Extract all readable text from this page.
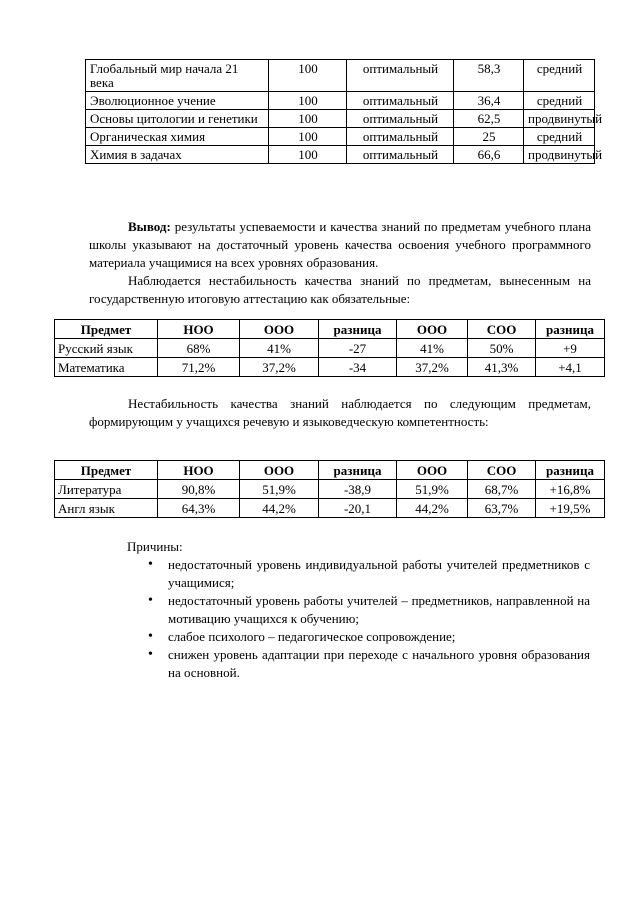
Глобальный мир начала 21 века	100	оптимальный	58,3	средний
Эволюционное учение	100	оптимальный	36,4	средний
Основы цитологии и генетики	100	оптимальный	62,5	продвинутый
Органическая химия	100	оптимальный	25	средний
Химия в задачах	100	оптимальный	66,6	продвинутый
Вывод: результаты успеваемости и качества знаний по предметам учебного плана школы указывают на достаточный уровень качества освоения учебного программного материала учащимися на всех уровнях образования.
Наблюдается нестабильность качества знаний по предметам, вынесенным на государственную итоговую аттестацию как обязательные:
Предмет	НОО	ООО	разница	ООО	СОО	разница
Русский язык	68%	41%	-27	41%	50%	+9
Математика	71,2%	37,2%	-34	37,2%	41,3%	+4,1
Нестабильность качества знаний наблюдается по следующим предметам, формирующим у учащихся речевую и языковедческую компетентность:
Предмет	НОО	ООО	разница	ООО	СОО	разница
Литература	90,8%	51,9%	-38,9	51,9%	68,7%	+16,8%
Англ язык	64,3%	44,2%	-20,1	44,2%	63,7%	+19,5%
Причины:
• недостаточный уровень индивидуальной работы учителей предметников с учащимися;
• недостаточный уровень работы учителей – предметников, направленной на мотивацию учащихся к обучению;
• слабое психолого – педагогическое сопровождение;
• снижен уровень адаптации при переходе с начального уровня образования на основной.
